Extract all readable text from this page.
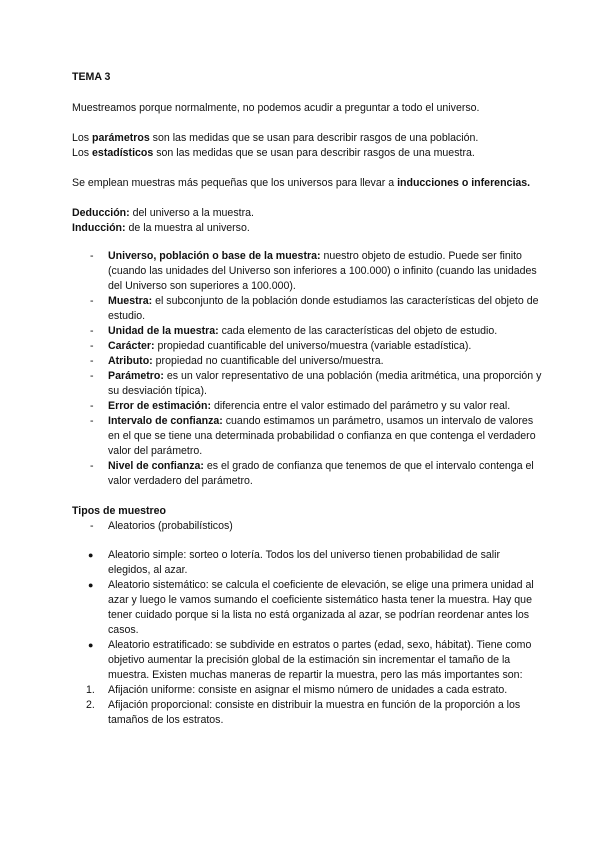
TEMA 3

Muestreamos porque normalmente, no podemos acudir a preguntar a todo el universo.

Los parámetros son las medidas que se usan para describir rasgos de una población.

Los estadísticos son las medidas que se usan para describir rasgos de una muestra.

Se emplean muestras más pequeñas que los universos para llevar a inducciones o inferencias.

Deducción: del universo a la muestra.

Inducción: de la muestra al universo.

- Universo, población o base de la muestra: nuestro objeto de estudio. Puede ser finito (cuando las unidades del Universo son inferiores a 100.000) o infinito (cuando las unidades del Universo son superiores a 100.000).
- Muestra: el subconjunto de la población donde estudiamos las características del objeto de estudio.
- Unidad de la muestra: cada elemento de las características del objeto de estudio.
- Carácter: propiedad cuantificable del universo/muestra (variable estadística).
- Atributo: propiedad no cuantificable del universo/muestra.
- Parámetro: es un valor representativo de una población (media aritmética, una proporción y su desviación típica).
- Error de estimación: diferencia entre el valor estimado del parámetro y su valor real.
- Intervalo de confianza: cuando estimamos un parámetro, usamos un intervalo de valores en el que se tiene una determinada probabilidad o confianza en que contenga el verdadero valor del parámetro.
- Nivel de confianza: es el grado de confianza que tenemos de que el intervalo contenga el valor verdadero del parámetro.

Tipos de muestreo

- Aleatorios (probabilísticos)
● Aleatorio simple: sorteo o lotería. Todos los del universo tienen probabilidad de salir elegidos, al azar.
● Aleatorio sistemático: se calcula el coeficiente de elevación, se elige una primera unidad al azar y luego le vamos sumando el coeficiente sistemático hasta tener la muestra. Hay que tener cuidado porque si la lista no está organizada al azar, se podrían reordenar antes los casos.
● Aleatorio estratificado: se subdivide en estratos o partes (edad, sexo, hábitat). Tiene como objetivo aumentar la precisión global de la estimación sin incrementar el tamaño de la muestra. Existen muchas maneras de repartir la muestra, pero las más importantes son:
1. Afijación uniforme: consiste en asignar el mismo número de unidades a cada estrato.
2. Afijación proporcional: consiste en distribuir la muestra en función de la proporción a los tamaños de los estratos.
